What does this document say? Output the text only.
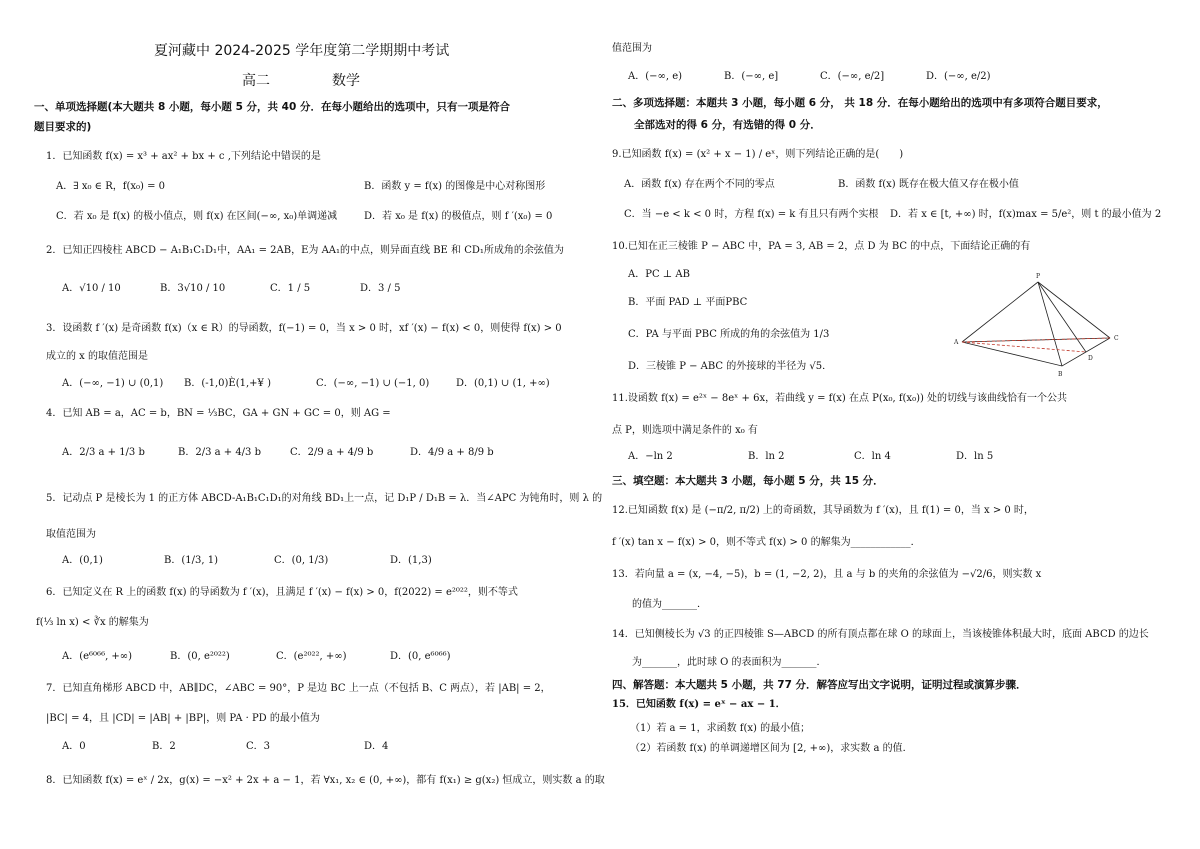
夏河藏中 2024-2025 学年度第二学期期中考试
高二	数学
一、单项选择题(本大题共 8 小题，每小题 5 分，共 40 分．在每小题给出的选项中，只有一项是符合
题目要求的)
1．已知函数 f(x) = x³ + ax² + bx + c ,下列结论中错误的是
A．∃ x₀ ∈ R，f(x₀) = 0	B．函数 y = f(x) 的图像是中心对称图形
C．若 x₀ 是 f(x) 的极小值点，则 f(x) 在区间(−∞, x₀)单调递减	D．若 x₀ 是 f(x) 的极值点，则 f ′(x₀) = 0
2．已知正四棱柱 ABCD − A₁B₁C₁D₁中，AA₁ = 2AB，E为 AA₁的中点，则异面直线 BE 和 CD₁所成角的余弦值为
A．√10 / 10	B．3√10 / 10	C．1 / 5	D．3 / 5
3．设函数 f ′(x) 是奇函数 f(x)（x ∈ R）的导函数，f(−1) = 0，当 x > 0 时，xf ′(x) − f(x) < 0，则使得 f(x) > 0
成立的 x 的取值范围是
A．(−∞, −1) ∪ (0,1) B．(-1,0)È(1,+¥ )	C．(−∞, −1) ∪ (−1, 0)	D．(0,1) ∪ (1, +∞)
4．已知 AB = a，AC = b，BN = ⅓BC，GA + GN + GC = 0，则 AG =
A．2/3 a + 1/3 b	B．2/3 a + 4/3 b	C．2/9 a + 4/9 b	D．4/9 a + 8/9 b
5．记动点 P 是棱长为 1 的正方体 ABCD-A₁B₁C₁D₁的对角线 BD₁上一点，记 D₁P / D₁B = λ．当∠APC 为钝角时，则 λ 的
取值范围为
A．(0,1)	B．(1/3, 1)	C．(0, 1/3)	D．(1,3)
6．已知定义在 R 上的函数 f(x) 的导函数为 f ′(x)，且满足 f ′(x) − f(x) > 0，f(2022) = e²⁰²²，则不等式
f(⅓ ln x) < ∛x 的解集为
A．(e⁶⁰⁶⁶, +∞)	B．(0, e²⁰²²)	C．(e²⁰²², +∞)	D．(0, e⁶⁰⁶⁶)
7．已知直角梯形 ABCD 中，AB∥DC，∠ABC = 90°，P 是边 BC 上一点（不包括 B、C 两点），若 |AB| = 2，
|BC| = 4，且 |CD| = |AB| + |BP|，则 PA · PD 的最小值为
A．0	B．2	C．3	D．4
8．已知函数 f(x) = eˣ / 2x，g(x) = −x² + 2x + a − 1，若 ∀x₁, x₂ ∈ (0, +∞)，都有 f(x₁) ≥ g(x₂) 恒成立，则实数 a 的取
值范围为
A．(−∞, e)	B．(−∞, e]	C．(−∞, e/2]	D．(−∞, e/2)
二、多项选择题：本题共 3 小题，每小题 6 分， 共 18 分．在每小题给出的选项中有多项符合题目要求，
全部选对的得 6 分，有选错的得 0 分．
9.已知函数 f(x) = (x² + x − 1) / eˣ，则下列结论正确的是(　　)
A．函数 f(x) 存在两个不同的零点	B．函数 f(x) 既存在极大值又存在极小值
C．当 −e < k < 0 时，方程 f(x) = k 有且只有两个实根 D．若 x ∈ [t, +∞) 时，f(x)max = 5/e²，则 t 的最小值为 2
10.已知在正三棱锥 P − ABC 中，PA = 3, AB = 2，点 D 为 BC 的中点，下面结论正确的有
A．PC ⊥ AB
B．平面 PAD ⊥ 平面PBC
C．PA 与平面 PBC 所成的角的余弦值为 1/3
D．三棱锥 P − ABC 的外接球的半径为 √5．
P
A
B
C
D
11.设函数 f(x) = e²ˣ − 8eˣ + 6x，若曲线 y = f(x) 在点 P(x₀, f(x₀)) 处的切线与该曲线恰有一个公共
点 P，则选项中满足条件的 x₀ 有
A．−ln 2	B．ln 2	C．ln 4	D．ln 5
三、填空题：本大题共 3 小题，每小题 5 分，共 15 分．
12.已知函数 f(x) 是 (−π/2, π/2) 上的奇函数，其导函数为 f ′(x)，且 f(1) = 0，当 x > 0 时，
f ′(x) tan x − f(x) > 0，则不等式 f(x) > 0 的解集为____________．
13．若向量 a = (x, −4, −5)，b = (1, −2, 2)，且 a 与 b 的夹角的余弦值为 −√2/6，则实数 x
的值为_______．
14．已知侧棱长为 √3 的正四棱锥 S—ABCD 的所有顶点都在球 O 的球面上，当该棱锥体积最大时，底面 ABCD 的边长
为_______，此时球 O 的表面积为_______．
四、解答题：本大题共 5 小题，共 77 分．解答应写出文字说明，证明过程或演算步骤．
15．已知函数 f(x) = eˣ − ax − 1．
（1）若 a = 1，求函数 f(x) 的最小值；
（2）若函数 f(x) 的单调递增区间为 [2, +∞)，求实数 a 的值．
